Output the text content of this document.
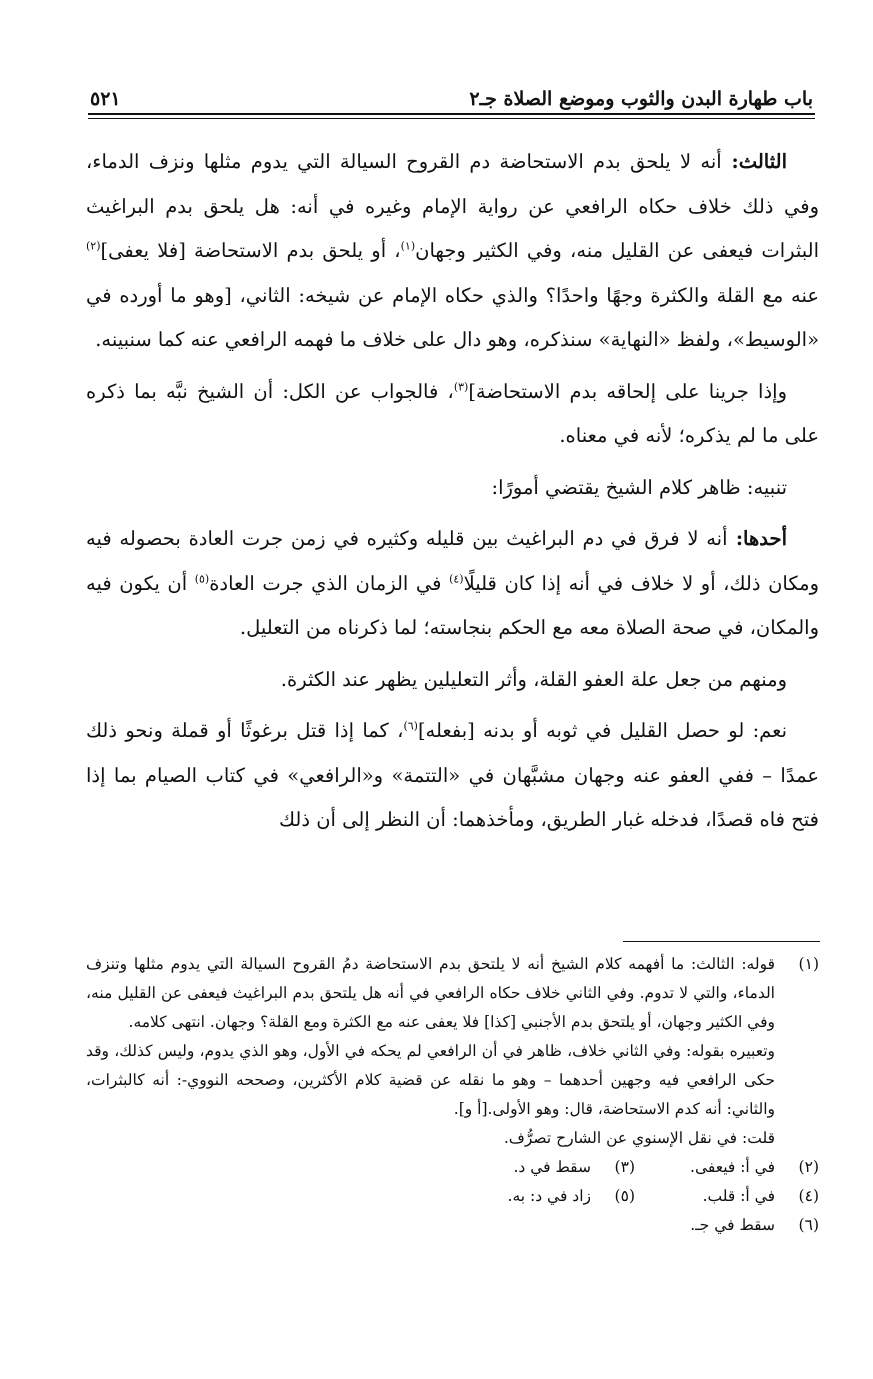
باب طهارة البدن والثوب وموضع الصلاة جـ٢
٥٢١

الثالث: أنه لا يلحق بدم الاستحاضة دم القروح السيالة التي يدوم مثلها ونزف الدماء، وفي ذلك خلاف حكاه الرافعي عن رواية الإمام وغيره في أنه: هل يلحق بدم البراغيث البثرات فيعفى عن القليل منه، وفي الكثير وجهان$^{(١)}$، أو يلحق بدم الاستحاضة [فلا يعفى]$^{(٢)}$ عنه مع القلة والكثرة وجهًا واحدًا؟ والذي حكاه الإمام عن شيخه: الثاني، [وهو ما أورده في «الوسيط»، ولفظ «النهاية» سنذكره، وهو دال على خلاف ما فهمه الرافعي عنه كما سنبينه.

وإذا جرينا على إلحاقه بدم الاستحاضة]$^{(٣)}$، فالجواب عن الكل: أن الشيخ نبَّه بما ذكره على ما لم يذكره؛ لأنه في معناه.

تنبيه: ظاهر كلام الشيخ يقتضي أمورًا:

أحدها: أنه لا فرق في دم البراغيث بين قليله وكثيره في زمن جرت العادة بحصوله فيه ومكان ذلك، أو لا خلاف في أنه إذا كان قليلًا$^{(٤)}$ في الزمان الذي جرت العادة$^{(٥)}$ أن يكون فيه والمكان، في صحة الصلاة معه مع الحكم بنجاسته؛ لما ذكرناه من التعليل.

ومنهم من جعل علة العفو القلة، وأثر التعليلين يظهر عند الكثرة.

نعم: لو حصل القليل في ثوبه أو بدنه [بفعله]$^{(٦)}$، كما إذا قتل برغوثًا أو قملة ونحو ذلك عمدًا – ففي العفو عنه وجهان مشبَّهان في «التتمة» و«الرافعي» في كتاب الصيام بما إذا فتح فاه قصدًا، فدخله غبار الطريق، ومأخذهما: أن النظر إلى أن ذلك

(١)
قوله: الثالث: ما أفهمه كلام الشيخ أنه لا يلتحق بدم الاستحاضة دمُ القروح السيالة التي يدوم مثلها وتنزف الدماء، والتي لا تدوم. وفي الثاني خلاف حكاه الرافعي في أنه هل يلتحق بدم البراغيث فيعفى عن القليل منه، وفي الكثير وجهان، أو يلتحق بدم الأجنبي [كذا] فلا يعفى عنه مع الكثرة ومع القلة؟ وجهان. انتهى كلامه.
وتعبيره بقوله: وفي الثاني خلاف، ظاهر في أن الرافعي لم يحكه في الأول، وهو الذي يدوم، وليس كذلك، وقد حكى الرافعي فيه وجهين أحدهما – وهو ما نقله عن قضية كلام الأكثرين، وصححه النووي-: أنه كالبثرات، والثاني: أنه كدم الاستحاضة، قال: وهو الأولى.[أ و].
قلت: في نقل الإسنوي عن الشارح تصرُّف.
(٢)
في أ: فيعفى.
(٣)
سقط في د.
(٤)
في أ: قلب.
(٥)
زاد في د: به.
(٦)
سقط في جـ.
